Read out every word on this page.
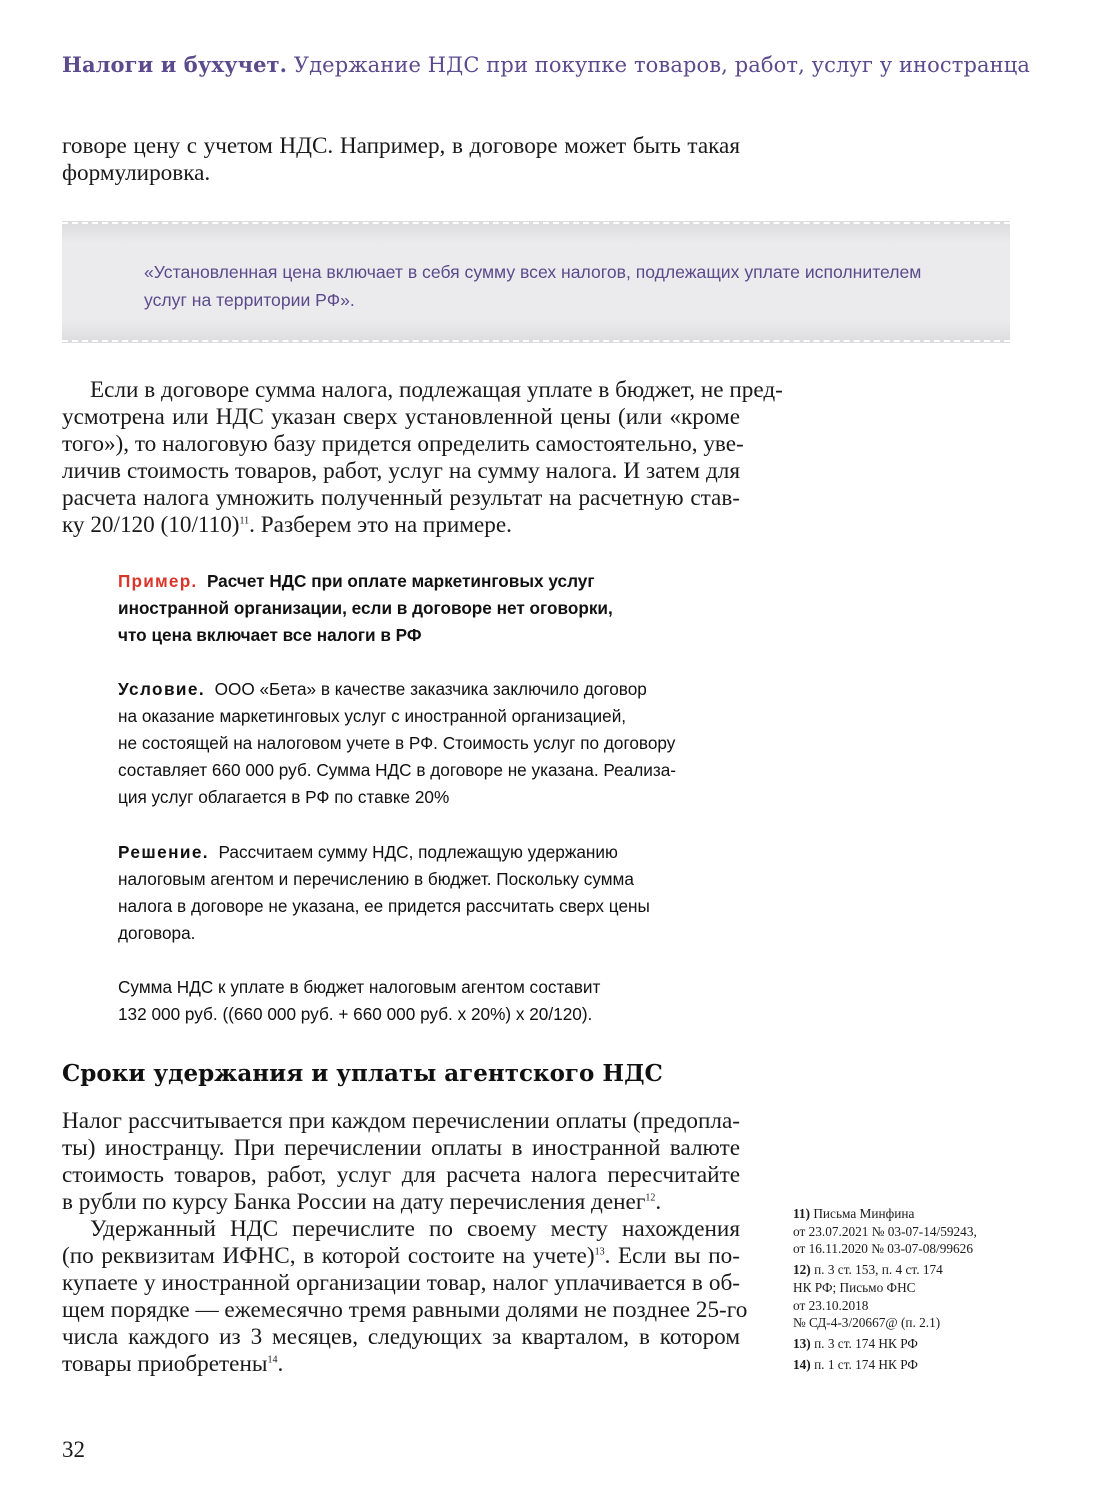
Налоги и бухучет. Удержание НДС при покупке товаров, работ, услуг у иностранца
говоре цену с учетом НДС. Например, в договоре может быть такая
формулировка.
«Установленная цена включает в себя сумму всех налогов, подлежащих уплате исполнителем
услуг на территории РФ».
Если в договоре сумма налога, подлежащая уплате в бюджет, не пред-
усмотрена или НДС указан сверх установленной цены (или «кроме
того»), то налоговую базу придется определить самостоятельно, уве-
личив стоимость товаров, работ, услуг на сумму налога. И затем для
расчета налога умножить полученный результат на расчетную став-
ку 20/120 $(10/110)^{11}$. Разберем это на примере.
Пример. Расчет НДС при оплате маркетинговых услуг
иностранной организации, если в договоре нет оговорки,
что цена включает все налоги в РФ
Условие. ООО «Бета» в качестве заказчика заключило договор
на оказание маркетинговых услуг с иностранной организацией,
не состоящей на налоговом учете в РФ. Стоимость услуг по договору
составляет 660 000 руб. Сумма НДС в договоре не указана. Реализа-
ция услуг облагается в РФ по ставке 20%
Решение. Рассчитаем сумму НДС, подлежащую удержанию
налоговым агентом и перечислению в бюджет. Поскольку сумма
налога в договоре не указана, ее придется рассчитать сверх цены
договора.
Сумма НДС к уплате в бюджет налоговым агентом составит
132 000 руб. ((660 000 руб. + 660 000 руб. х 20%) х 20/120).
Сроки удержания и уплаты агентского НДС
Налог рассчитывается при каждом перечислении оплаты (предопла-
ты) иностранцу. При перечислении оплаты в иностранной валюте
стоимость товаров, работ, услуг для расчета налога пересчитайте
в рубли по курсу Банка России на дату перечисления денег$^{12}$.
Удержанный НДС перечислите по своему месту нахождения
(по реквизитам ИФНС, в которой состоите на учете)$^{13}$. Если вы по-
купаете у иностранной организации товар, налог уплачивается в об-
щем порядке — ежемесячно тремя равными долями не позднее 25-го
числа каждого из 3 месяцев, следующих за кварталом, в котором
товары приобретены$^{14}$.
11) Письма Минфина
от 23.07.2021 № 03-07-14/59243,
от 16.11.2020 № 03-07-08/99626
12) п. 3 ст. 153, п. 4 ст. 174
НК РФ; Письмо ФНС
от 23.10.2018
№ СД-4-3/20667@ (п. 2.1)
13) п. 3 ст. 174 НК РФ
14) п. 1 ст. 174 НК РФ
32
